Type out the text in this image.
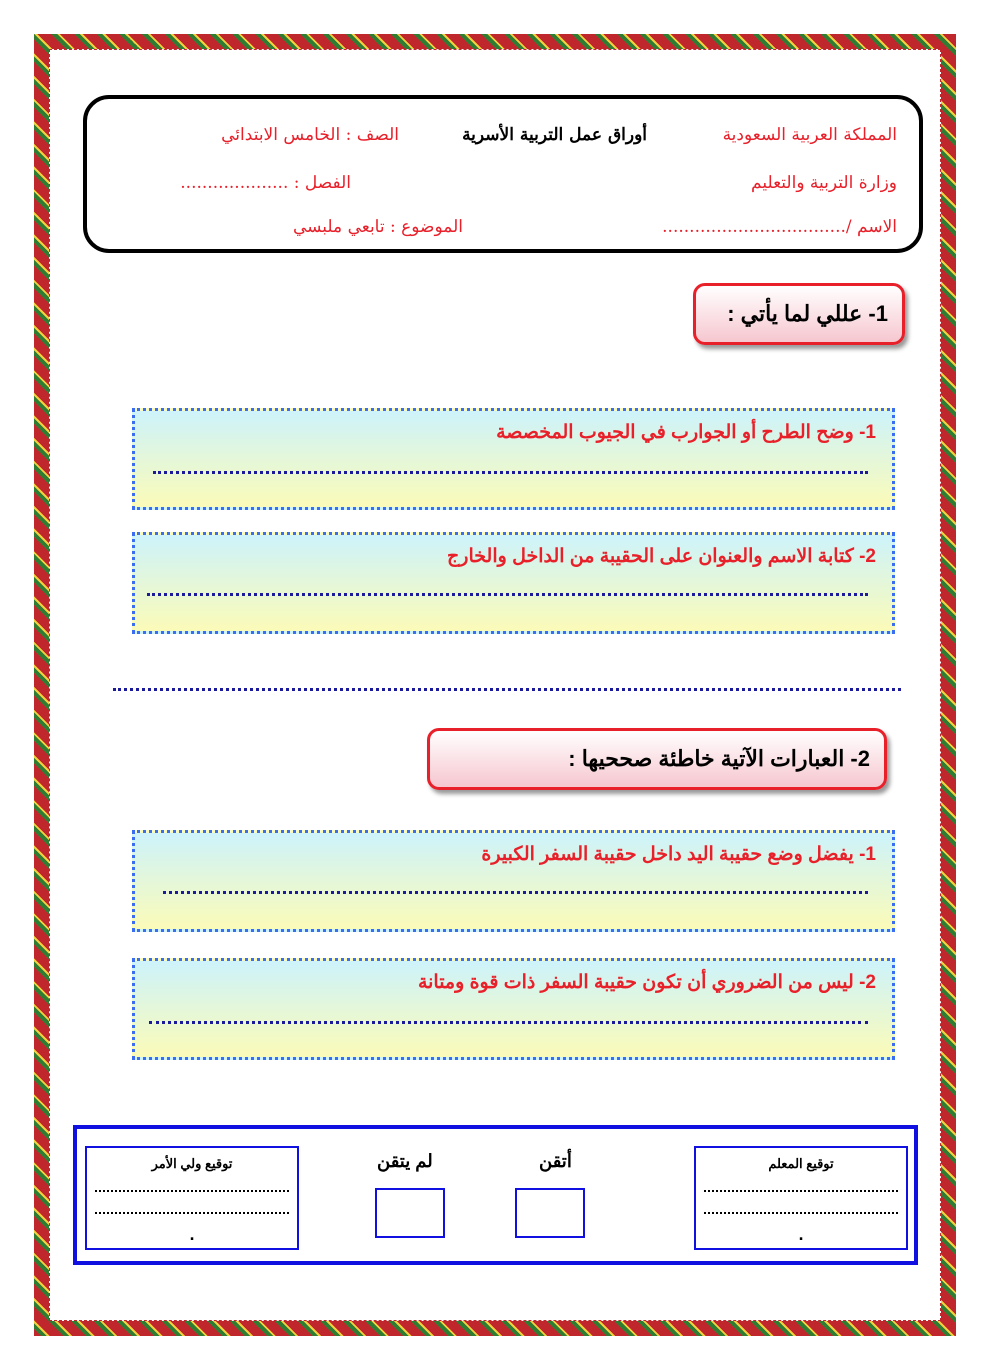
المملكة العربية السعودية
أوراق عمل التربية الأسرية
الصف : الخامس الابتدائي
وزارة التربية والتعليم
الفصل : ....................
الاسم /..................................
الموضوع : تابعي ملبسي
1- عللي لما يأتي :
1- وضح الطرح أو الجوارب في الجيوب المخصصة
2- كتابة الاسم والعنوان على الحقيبة من الداخل والخارج
2- العبارات الآتية خاطئة صححيها :
1- يفضل وضع حقيبة اليد داخل حقيبة السفر الكبيرة
2- ليس من الضروري أن تكون حقيبة السفر ذات قوة ومتانة
توقيع ولي الأمر
.
لم يتقن	أتقن	توقيع المعلم
.
